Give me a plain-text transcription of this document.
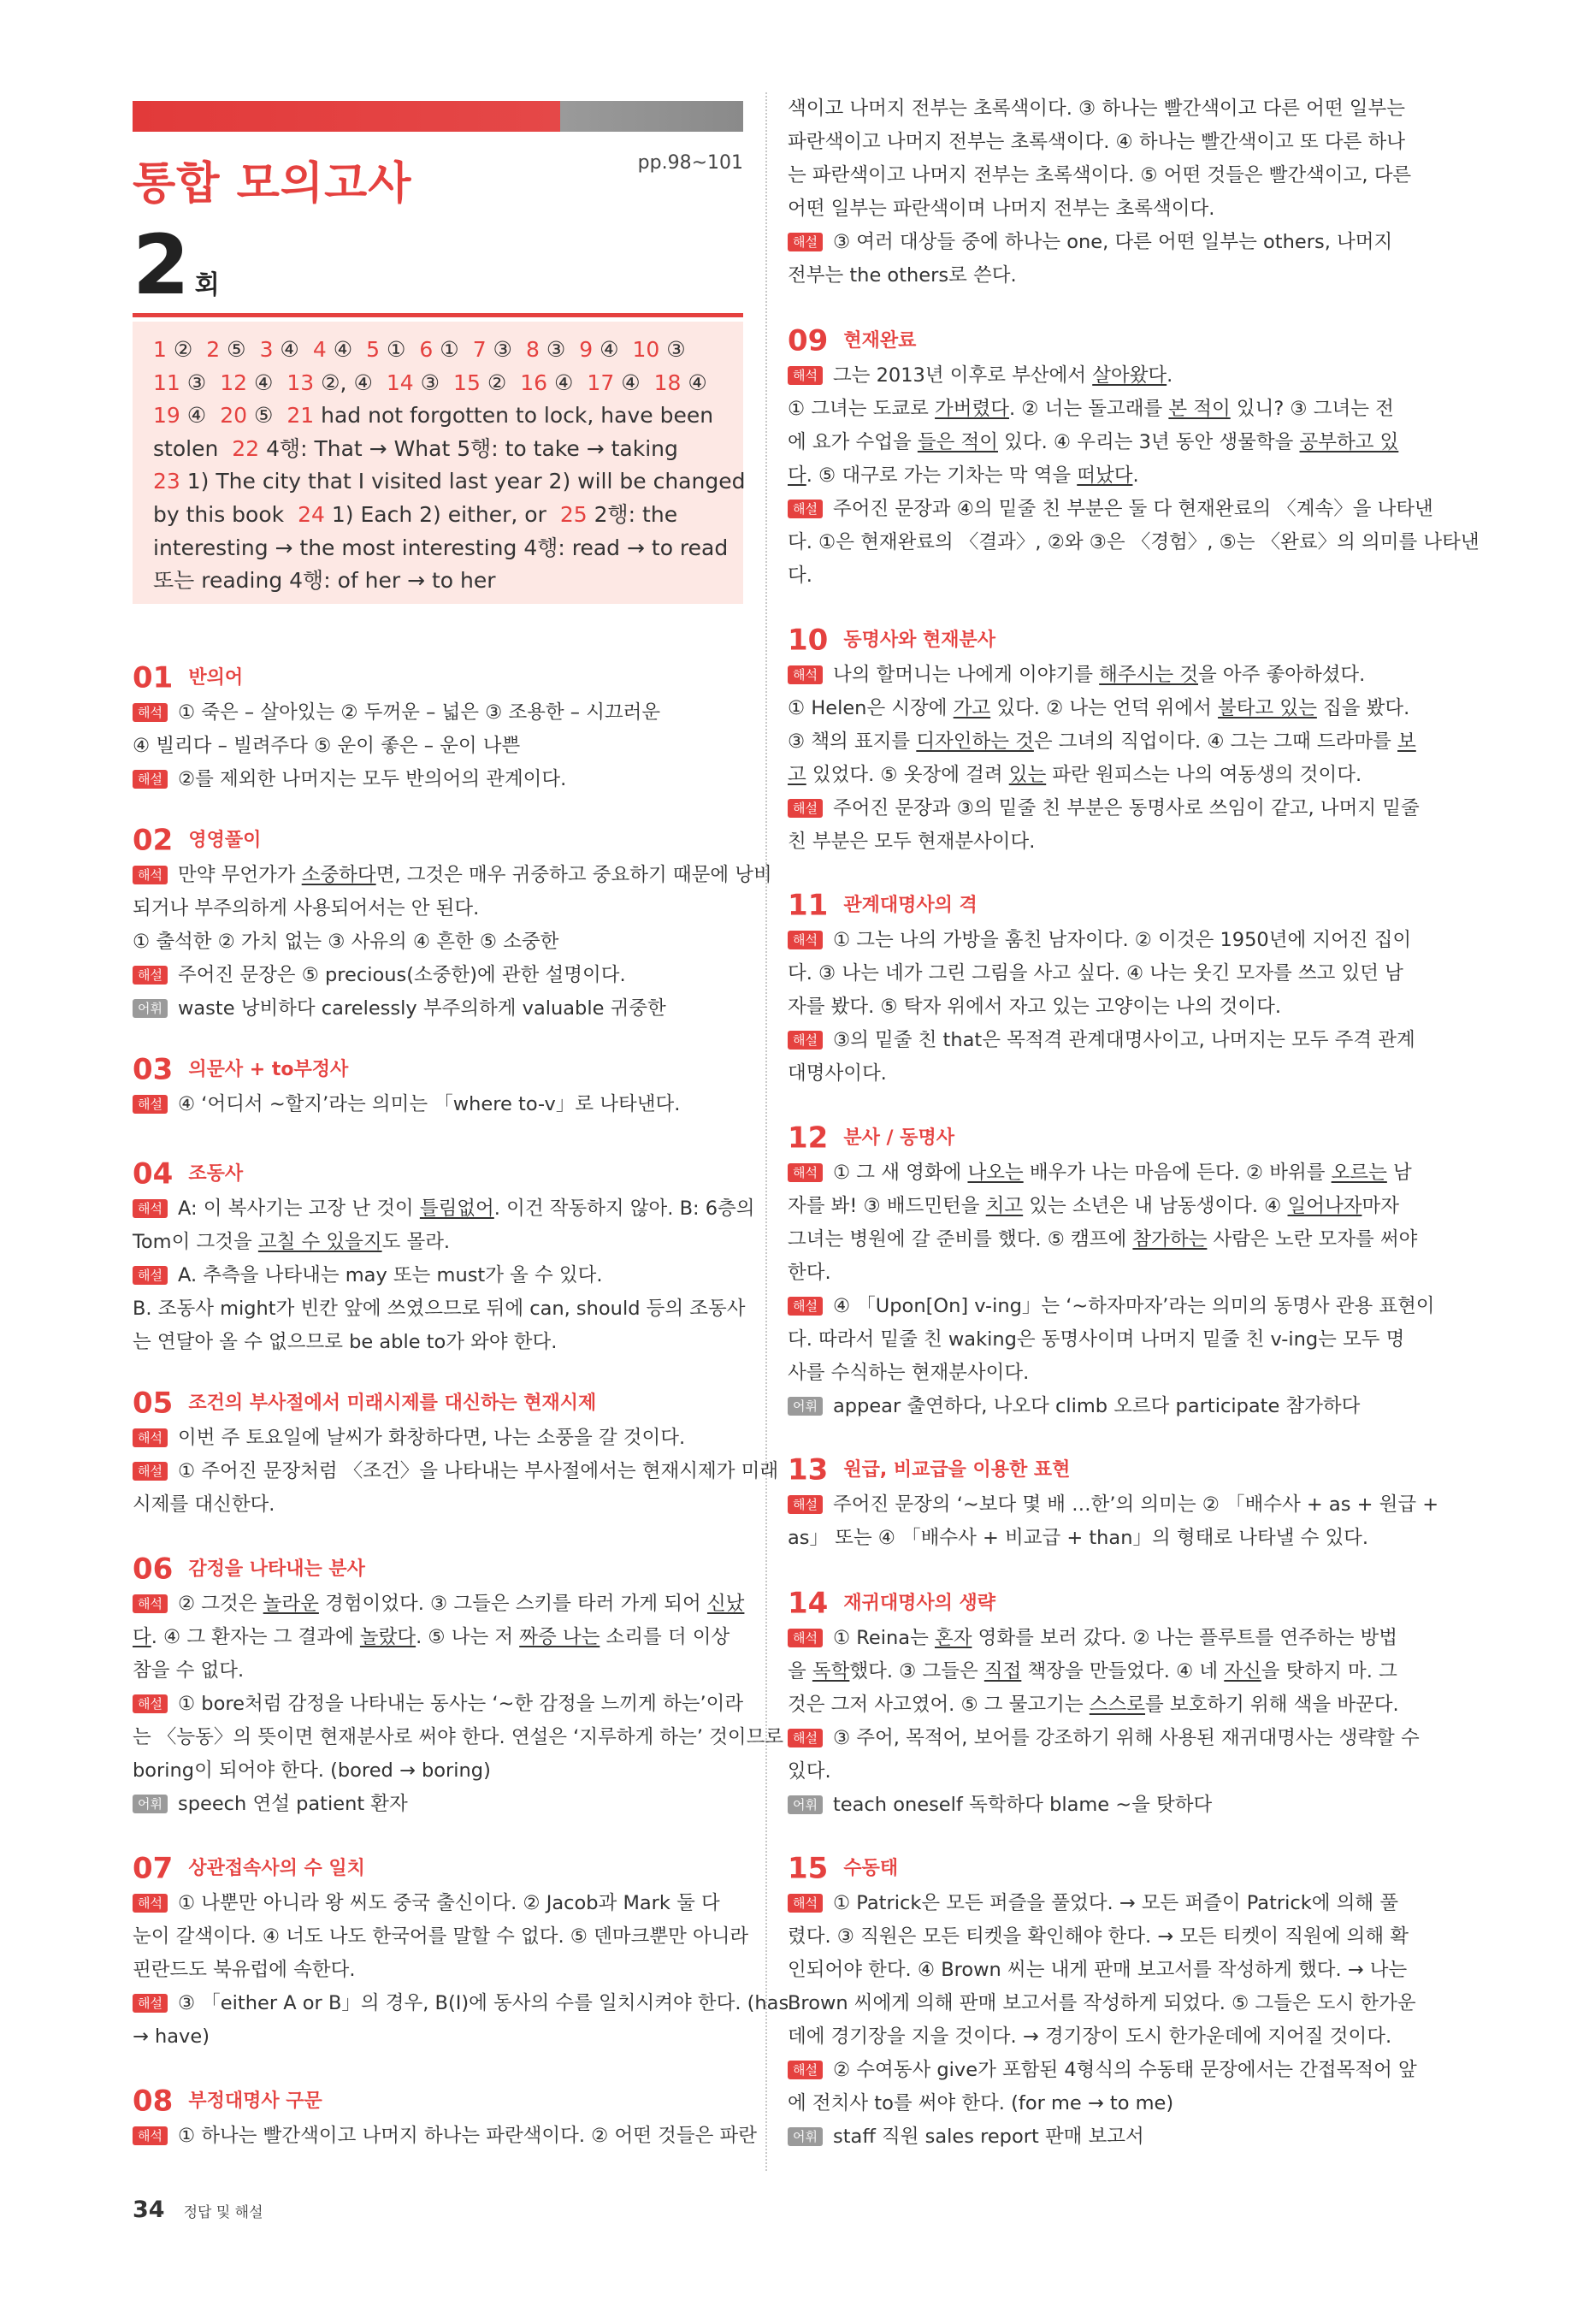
통합 모의고사	pp.98~101
2 회
1 ② 2 ⑤ 3 ④ 4 ④ 5 ① 6 ① 7 ③ 8 ③ 9 ④ 10 ③
11 ③ 12 ④ 13 ②, ④ 14 ③ 15 ② 16 ④ 17 ④ 18 ④
19 ④ 20 ⑤ 21 had not forgotten to lock, have been
stolen 22 4행: That → What 5행: to take → taking
23 1) The city that I visited last year 2) will be changed
by this book 24 1) Each 2) either, or 25 2행: the
interesting → the most interesting 4행: read → to read
또는 reading 4행: of her → to her
01 반의어
해석 ① 죽은 – 살아있는 ② 두꺼운 – 넓은 ③ 조용한 – 시끄러운
④ 빌리다 – 빌려주다 ⑤ 운이 좋은 – 운이 나쁜
해설 ②를 제외한 나머지는 모두 반의어의 관계이다.
02 영영풀이
해석 만약 무언가가 소중하다면, 그것은 매우 귀중하고 중요하기 때문에 낭비
되거나 부주의하게 사용되어서는 안 된다.
① 출석한 ② 가치 없는 ③ 사유의 ④ 흔한 ⑤ 소중한
해설 주어진 문장은 ⑤ precious(소중한)에 관한 설명이다.
어휘 waste 낭비하다 carelessly 부주의하게 valuable 귀중한
03 의문사 + to부정사
해설 ④ ‘어디서 ~할지’라는 의미는 「where to-v」로 나타낸다.
04 조동사
해석 A: 이 복사기는 고장 난 것이 틀림없어. 이건 작동하지 않아. B: 6층의
Tom이 그것을 고칠 수 있을지도 몰라.
해설 A. 추측을 나타내는 may 또는 must가 올 수 있다.
B. 조동사 might가 빈칸 앞에 쓰였으므로 뒤에 can, should 등의 조동사
는 연달아 올 수 없으므로 be able to가 와야 한다.
05 조건의 부사절에서 미래시제를 대신하는 현재시제
해석 이번 주 토요일에 날씨가 화창하다면, 나는 소풍을 갈 것이다.
해설 ① 주어진 문장처럼 〈조건〉을 나타내는 부사절에서는 현재시제가 미래
시제를 대신한다.
06 감정을 나타내는 분사
해석 ② 그것은 놀라운 경험이었다. ③ 그들은 스키를 타러 가게 되어 신났
다. ④ 그 환자는 그 결과에 놀랐다. ⑤ 나는 저 짜증 나는 소리를 더 이상
참을 수 없다.
해설 ① bore처럼 감정을 나타내는 동사는 ‘~한 감정을 느끼게 하는’이라
는 〈능동〉의 뜻이면 현재분사로 써야 한다. 연설은 ‘지루하게 하는’ 것이므로
boring이 되어야 한다. (bored → boring)
어휘 speech 연설 patient 환자
07 상관접속사의 수 일치
해석 ① 나뿐만 아니라 왕 씨도 중국 출신이다. ② Jacob과 Mark 둘 다
눈이 갈색이다. ④ 너도 나도 한국어를 말할 수 없다. ⑤ 덴마크뿐만 아니라
핀란드도 북유럽에 속한다.
해설 ③ 「either A or B」의 경우, B(I)에 동사의 수를 일치시켜야 한다. (has
→ have)
08 부정대명사 구문
해석 ① 하나는 빨간색이고 나머지 하나는 파란색이다. ② 어떤 것들은 파란
색이고 나머지 전부는 초록색이다. ③ 하나는 빨간색이고 다른 어떤 일부는
파란색이고 나머지 전부는 초록색이다. ④ 하나는 빨간색이고 또 다른 하나
는 파란색이고 나머지 전부는 초록색이다. ⑤ 어떤 것들은 빨간색이고, 다른
어떤 일부는 파란색이며 나머지 전부는 초록색이다.
해설 ③ 여러 대상들 중에 하나는 one, 다른 어떤 일부는 others, 나머지
전부는 the others로 쓴다.
09 현재완료
해석 그는 2013년 이후로 부산에서 살아왔다.
① 그녀는 도쿄로 가버렸다. ② 너는 돌고래를 본 적이 있니? ③ 그녀는 전
에 요가 수업을 들은 적이 있다. ④ 우리는 3년 동안 생물학을 공부하고 있
다. ⑤ 대구로 가는 기차는 막 역을 떠났다.
해설 주어진 문장과 ④의 밑줄 친 부분은 둘 다 현재완료의 〈계속〉을 나타낸
다. ①은 현재완료의 〈결과〉, ②와 ③은 〈경험〉, ⑤는 〈완료〉의 의미를 나타낸
다.
10 동명사와 현재분사
해석 나의 할머니는 나에게 이야기를 해주시는 것을 아주 좋아하셨다.
① Helen은 시장에 가고 있다. ② 나는 언덕 위에서 불타고 있는 집을 봤다.
③ 책의 표지를 디자인하는 것은 그녀의 직업이다. ④ 그는 그때 드라마를 보
고 있었다. ⑤ 옷장에 걸려 있는 파란 원피스는 나의 여동생의 것이다.
해설 주어진 문장과 ③의 밑줄 친 부분은 동명사로 쓰임이 같고, 나머지 밑줄
친 부분은 모두 현재분사이다.
11 관계대명사의 격
해석 ① 그는 나의 가방을 훔친 남자이다. ② 이것은 1950년에 지어진 집이
다. ③ 나는 네가 그린 그림을 사고 싶다. ④ 나는 웃긴 모자를 쓰고 있던 남
자를 봤다. ⑤ 탁자 위에서 자고 있는 고양이는 나의 것이다.
해설 ③의 밑줄 친 that은 목적격 관계대명사이고, 나머지는 모두 주격 관계
대명사이다.
12 분사 / 동명사
해석 ① 그 새 영화에 나오는 배우가 나는 마음에 든다. ② 바위를 오르는 남
자를 봐! ③ 배드민턴을 치고 있는 소년은 내 남동생이다. ④ 일어나자마자
그녀는 병원에 갈 준비를 했다. ⑤ 캠프에 참가하는 사람은 노란 모자를 써야
한다.
해설 ④ 「Upon[On] v-ing」는 ‘~하자마자’라는 의미의 동명사 관용 표현이
다. 따라서 밑줄 친 waking은 동명사이며 나머지 밑줄 친 v-ing는 모두 명
사를 수식하는 현재분사이다.
어휘 appear 출연하다, 나오다 climb 오르다 participate 참가하다
13 원급, 비교급을 이용한 표현
해설 주어진 문장의 ‘~보다 몇 배 …한’의 의미는 ② 「배수사 + as + 원급 +
as」 또는 ④ 「배수사 + 비교급 + than」의 형태로 나타낼 수 있다.
14 재귀대명사의 생략
해석 ① Reina는 혼자 영화를 보러 갔다. ② 나는 플루트를 연주하는 방법
을 독학했다. ③ 그들은 직접 책장을 만들었다. ④ 네 자신을 탓하지 마. 그
것은 그저 사고였어. ⑤ 그 물고기는 스스로를 보호하기 위해 색을 바꾼다.
해설 ③ 주어, 목적어, 보어를 강조하기 위해 사용된 재귀대명사는 생략할 수
있다.
어휘 teach oneself 독학하다 blame ~을 탓하다
15 수동태
해석 ① Patrick은 모든 퍼즐을 풀었다. → 모든 퍼즐이 Patrick에 의해 풀
렸다. ③ 직원은 모든 티켓을 확인해야 한다. → 모든 티켓이 직원에 의해 확
인되어야 한다. ④ Brown 씨는 내게 판매 보고서를 작성하게 했다. → 나는
Brown 씨에게 의해 판매 보고서를 작성하게 되었다. ⑤ 그들은 도시 한가운
데에 경기장을 지을 것이다. → 경기장이 도시 한가운데에 지어질 것이다.
해설 ② 수여동사 give가 포함된 4형식의 수동태 문장에서는 간접목적어 앞
에 전치사 to를 써야 한다. (for me → to me)
어휘 staff 직원 sales report 판매 보고서
34 정답 및 해설
